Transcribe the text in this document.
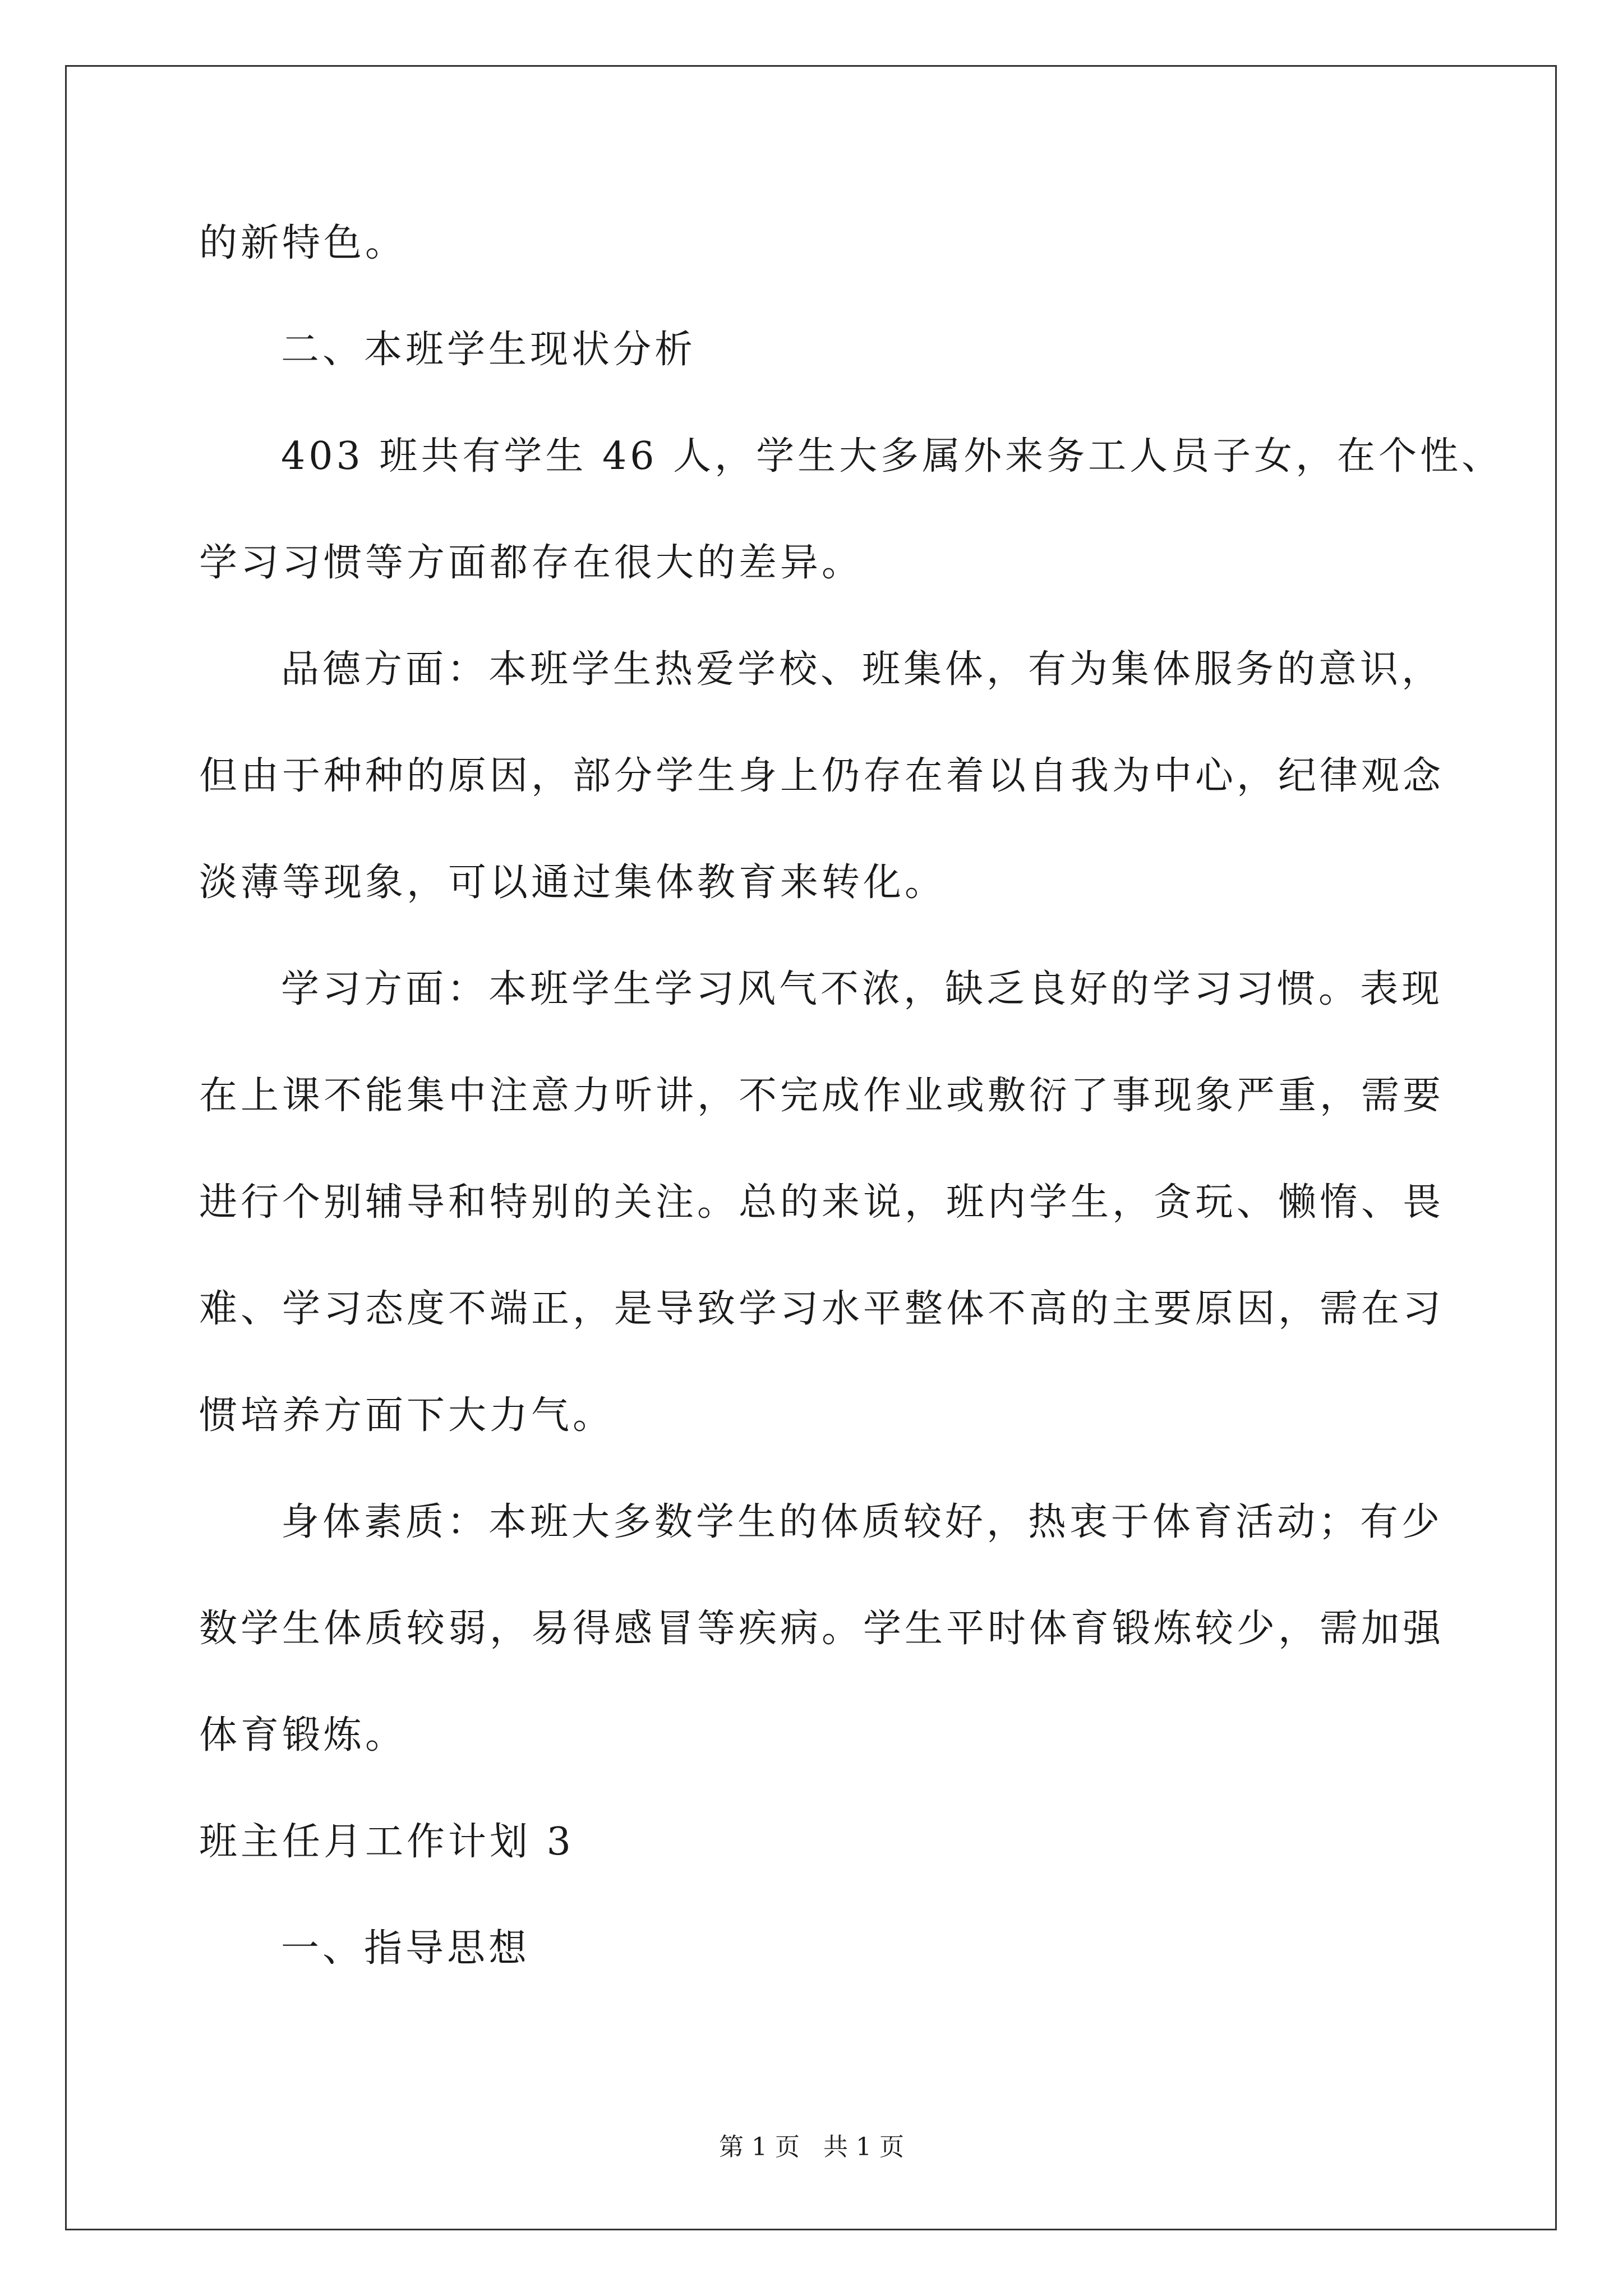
的新特色。
二、本班学生现状分析
403 班共有学生 46 人，学生大多属外来务工人员子女，在个性、
学习习惯等方面都存在很大的差异。
品德方面：本班学生热爱学校、班集体，有为集体服务的意识，
但由于种种的原因，部分学生身上仍存在着以自我为中心，纪律观念
淡薄等现象，可以通过集体教育来转化。
学习方面：本班学生学习风气不浓，缺乏良好的学习习惯。表现
在上课不能集中注意力听讲，不完成作业或敷衍了事现象严重，需要
进行个别辅导和特别的关注。总的来说，班内学生，贪玩、懒惰、畏
难、学习态度不端正，是导致学习水平整体不高的主要原因，需在习
惯培养方面下大力气。
身体素质：本班大多数学生的体质较好，热衷于体育活动；有少
数学生体质较弱，易得感冒等疾病。学生平时体育锻炼较少，需加强
体育锻炼。
班主任月工作计划 3
一、指导思想
第 1 页 共 1 页
